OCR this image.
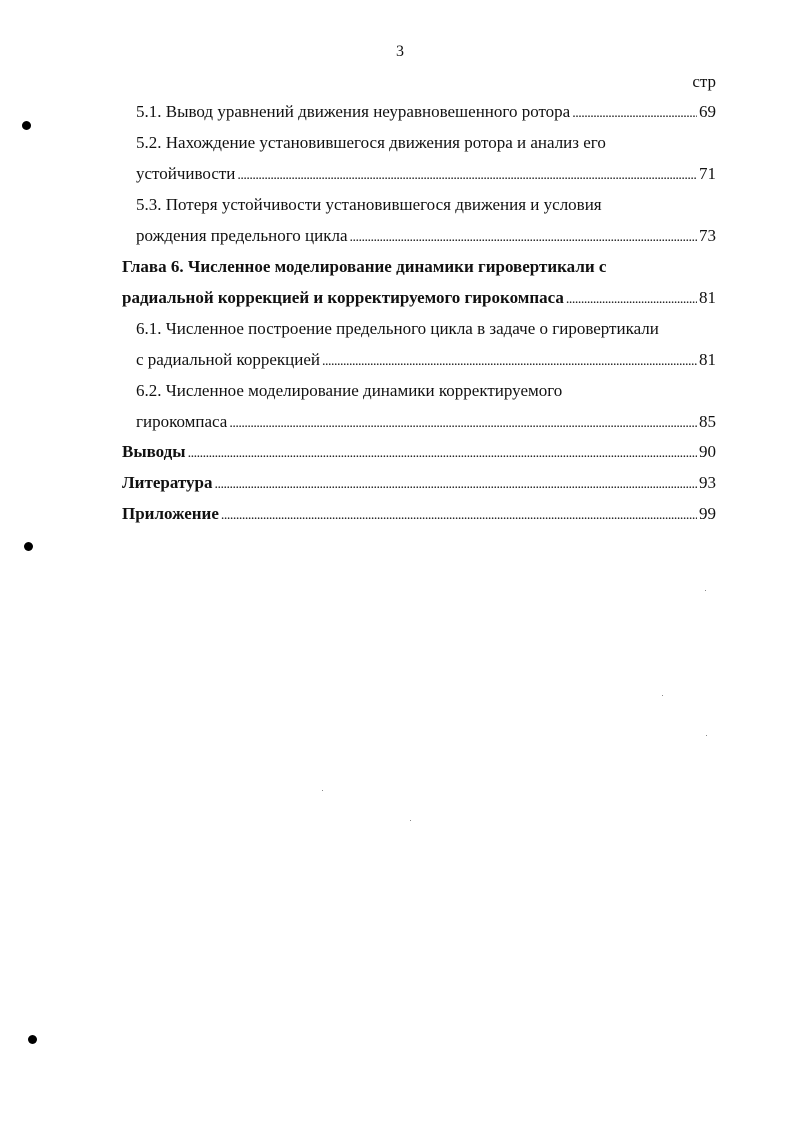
3
стр
5.1. Вывод уравнений движения неуравновешенного ротора . . .	69
5.2. Нахождение установившегося движения ротора и анализ его
устойчивости . . .	71
5.3. Потеря устойчивости установившегося движения и условия
рождения предельного цикла . . .	73
Глава 6. Численное моделирование динамики гировертикали с
радиальной коррекцией и корректируемого гирокомпаса . . .	81
6.1. Численное построение предельного цикла в задаче о гировертикали
с радиальной коррекцией . . .	81
6.2. Численное моделирование динамики корректируемого
гирокомпаса . . .	85
Выводы . . .	90
Литература . . .	93
Приложение . . .	99
